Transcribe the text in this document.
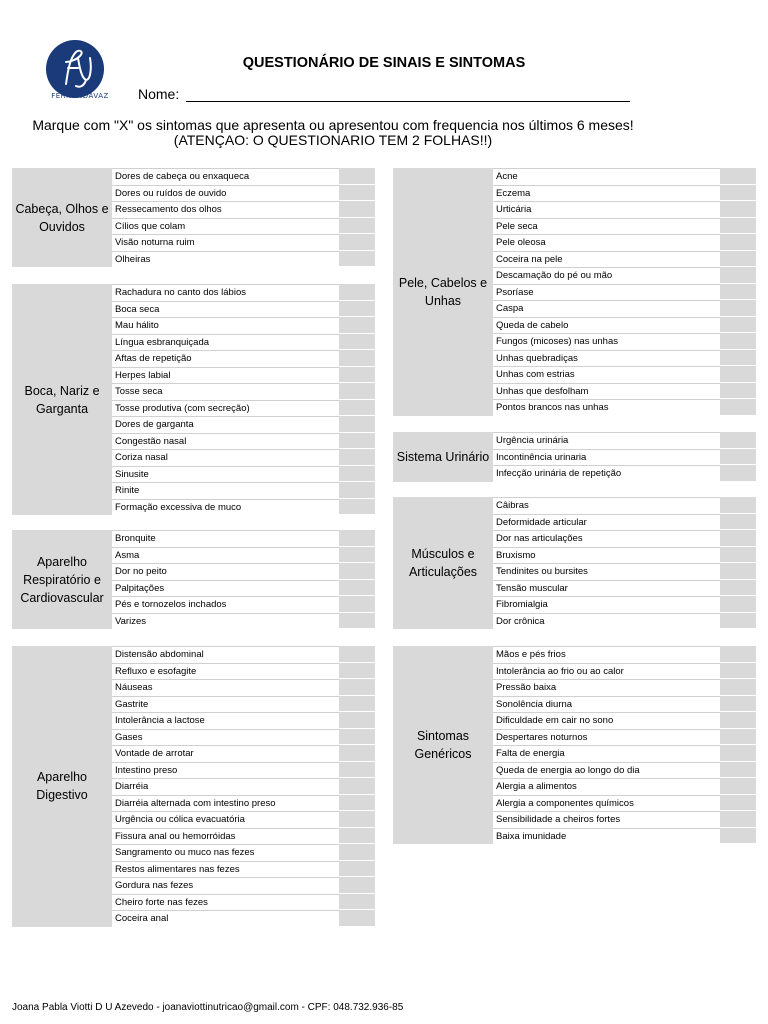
FERNANDAVAZ
QUESTIONÁRIO DE SINAIS E SINTOMAS
Nome:
Marque com "X" os sintomas que apresenta ou apresentou com frequencia nos últimos 6 meses!
(ATENÇAO: O QUESTIONARIO TEM 2 FOLHAS!!)
Cabeça, Olhos e Ouvidos
Dores de cabeça ou enxaqueca
Dores ou ruídos de ouvido
Ressecamento dos olhos
Cílios que colam
Visão noturna ruim
Olheiras
Boca, Nariz e Garganta
Rachadura no canto dos lábios
Boca seca
Mau hálito
Língua esbranquiçada
Aftas de repetição
Herpes labial
Tosse seca
Tosse produtiva (com secreção)
Dores de garganta
Congestão nasal
Coriza nasal
Sinusite
Rinite
Formação excessiva de muco
Aparelho Respiratório e Cardiovascular
Bronquite
Asma
Dor no peito
Palpitações
Pés e tornozelos inchados
Varizes
Aparelho Digestivo
Distensão abdominal
Refluxo e esofagite
Náuseas
Gastrite
Intolerância a lactose
Gases
Vontade de arrotar
Intestino preso
Diarréia
Diarréia alternada com intestino preso
Urgência ou cólica evacuatória
Fissura anal ou hemorróidas
Sangramento ou muco nas fezes
Restos alimentares nas fezes
Gordura nas fezes
Cheiro forte nas fezes
Coceira anal
Pele, Cabelos e Unhas
Acne
Eczema
Urticária
Pele seca
Pele oleosa
Coceira na pele
Descamação do pé ou mão
Psoríase
Caspa
Queda de cabelo
Fungos (micoses) nas unhas
Unhas quebradiças
Unhas com estrias
Unhas que desfolham
Pontos brancos nas unhas
Sistema Urinário
Urgência urinária
Incontinência urinaria
Infecção urinária de repetição
Músculos e Articulações
Câibras
Deformidade articular
Dor nas articulações
Bruxismo
Tendinites ou bursites
Tensão muscular
Fibromialgia
Dor crônica
Sintomas Genéricos
Mãos e pés frios
Intolerância ao frio ou ao calor
Pressão baixa
Sonolência diurna
Dificuldade em cair no sono
Despertares noturnos
Falta de energia
Queda de energia ao longo do dia
Alergia a alimentos
Alergia a componentes químicos
Sensibilidade a cheiros fortes
Baixa imunidade
Joana Pabla Viotti D U Azevedo - joanaviottinutricao@gmail.com - CPF: 048.732.936-85
